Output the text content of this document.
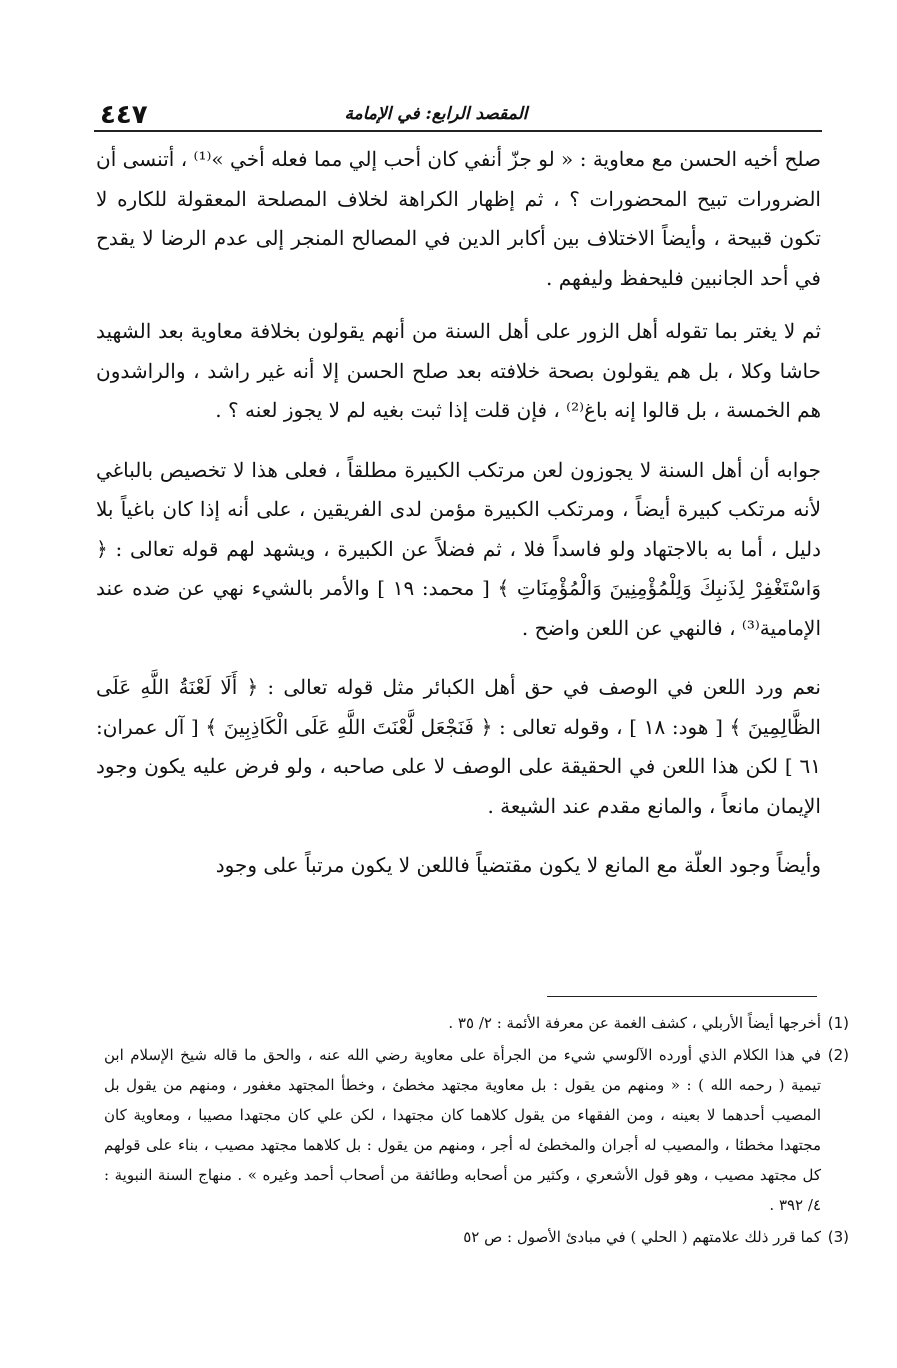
٤٤٧	المقصد الرابع: في الإمامة

صلح أخيه الحسن مع معاوية : « لو جزّ أنفي كان أحب إلي مما فعله أخي »⁽¹⁾ ، أتنسى أن الضرورات تبيح المحضورات ؟ ، ثم إظهار الكراهة لخلاف المصلحة المعقولة للكاره لا تكون قبيحة ، وأيضاً الاختلاف بين أكابر الدين في المصالح المنجر إلى عدم الرضا لا يقدح في أحد الجانبين فليحفظ وليفهم .

ثم لا يغتر بما تقوله أهل الزور على أهل السنة من أنهم يقولون بخلافة معاوية بعد الشهيد حاشا وكلا ، بل هم يقولون بصحة خلافته بعد صلح الحسن إلا أنه غير راشد ، والراشدون هم الخمسة ، بل قالوا إنه باغ⁽²⁾ ، فإن قلت إذا ثبت بغيه لم لا يجوز لعنه ؟ .

جوابه أن أهل السنة لا يجوزون لعن مرتكب الكبيرة مطلقاً ، فعلى هذا لا تخصيص بالباغي لأنه مرتكب كبيرة أيضاً ، ومرتكب الكبيرة مؤمن لدى الفريقين ، على أنه إذا كان باغياً بلا دليل ، أما به بالاجتهاد ولو فاسداً فلا ، ثم فضلاً عن الكبيرة ، ويشهد لهم قوله تعالى : ﴿ وَاسْتَغْفِرْ لِذَنبِكَ وَلِلْمُؤْمِنِينَ وَالْمُؤْمِنَاتِ ﴾ [ محمد: ١٩ ] والأمر بالشيء نهي عن ضده عند الإمامية⁽³⁾ ، فالنهي عن اللعن واضح .

نعم ورد اللعن في الوصف في حق أهل الكبائر مثل قوله تعالى : ﴿ أَلَا لَعْنَةُ اللَّهِ عَلَى الظَّالِمِينَ ﴾ [ هود: ١٨ ] ، وقوله تعالى : ﴿ فَنَجْعَل لَّعْنَتَ اللَّهِ عَلَى الْكَاذِبِينَ ﴾ [ آل عمران: ٦١ ] لكن هذا اللعن في الحقيقة على الوصف لا على صاحبه ، ولو فرض عليه يكون وجود الإيمان مانعاً ، والمانع مقدم عند الشيعة .

وأيضاً وجود العلّة مع المانع لا يكون مقتضياً فاللعن لا يكون مرتباً على وجود

(1)
أخرجها أيضاً الأربلي ، كشف الغمة عن معرفة الأئمة : ٢/ ٣٥ .
(2)
في هذا الكلام الذي أورده الآلوسي شيء من الجرأة على معاوية رضي الله عنه ، والحق ما قاله شيخ الإسلام ابن تيمية ( رحمه الله ) : « ومنهم من يقول : بل معاوية مجتهد مخطئ ، وخطأ المجتهد مغفور ، ومنهم من يقول بل المصيب أحدهما لا بعينه ، ومن الفقهاء من يقول كلاهما كان مجتهدا ، لكن علي كان مجتهدا مصيبا ، ومعاوية كان مجتهدا مخطئا ، والمصيب له أجران والمخطئ له أجر ، ومنهم من يقول : بل كلاهما مجتهد مصيب ، بناء على قولهم كل مجتهد مصيب ، وهو قول الأشعري ، وكثير من أصحابه وطائفة من أصحاب أحمد وغيره » . منهاج السنة النبوية : ٤/ ٣٩٢ .
(3)
كما قرر ذلك علامتهم ( الحلي ) في مبادئ الأصول : ص ٥٢
